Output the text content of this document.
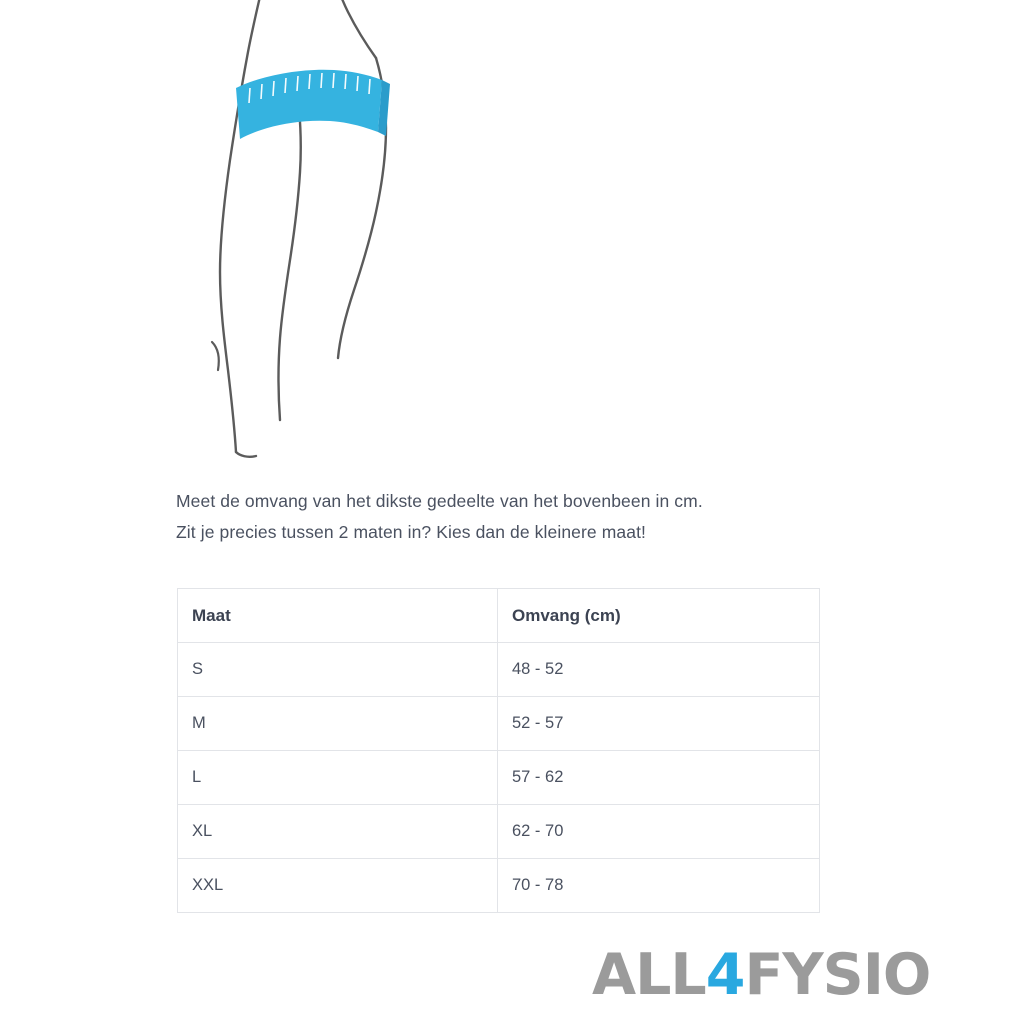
Meet de omvang van het dikste gedeelte van het bovenbeen in cm.
Zit je precies tussen 2 maten in? Kies dan de kleinere maat!
Maat	Omvang (cm)
S	48 - 52
M	52 - 57
L	57 - 62
XL	62 - 70
XXL	70 - 78
ALL 4 FYSIO
